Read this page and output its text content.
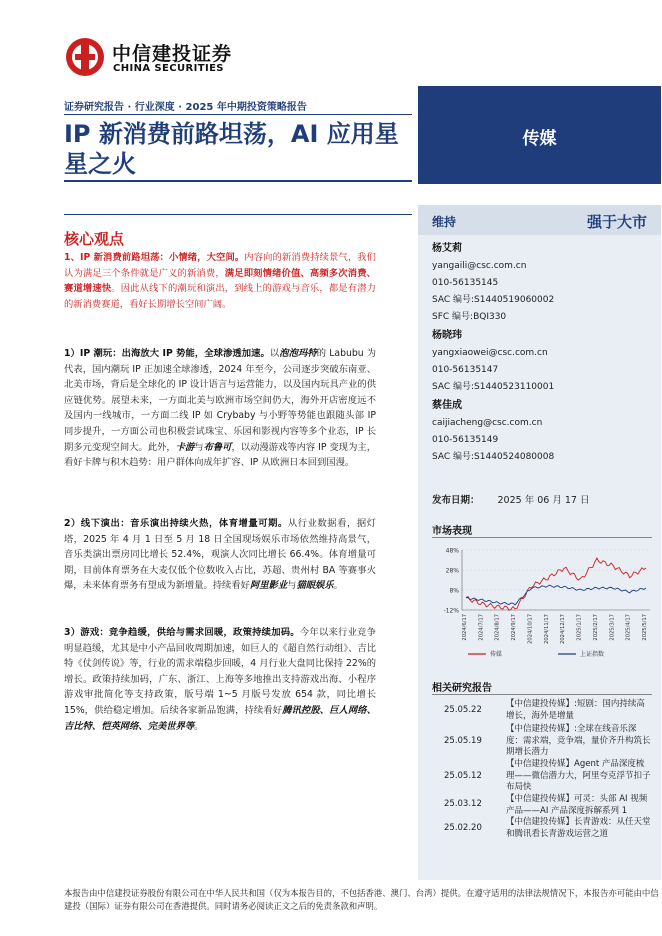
中信建投证券
CHINA SECURITIES
证券研究报告 · 行业深度 · 2025 年中期投资策略报告
IP 新消费前路坦荡，AI 应用星星之火
传媒
核心观点
1、IP 新消费前路坦荡：小情绪，大空间。内容向的新消费持续景气，我们认为满足三个条件就是广义的新消费，满足即刻情绪价值、高频多次消费、赛道增速快。因此从线下的潮玩和演出，到线上的游戏与音乐，都是有潜力的新消费赛道，看好长期增长空间广阔。
1）IP 潮玩：出海放大 IP 势能，全球渗透加速。以泡泡玛特的 Labubu 为代表，国内潮玩 IP 正加速全球渗透，2024 年至今，公司逐步突破东南亚、北美市场，背后是全球化的 IP 设计语言与运营能力，以及国内玩具产业的供应链优势。展望未来，一方面北美与欧洲市场空间仍大，海外开店密度远不及国内一线城市，一方面二线 IP 如 Crybaby 与小野等势能也跟随头部 IP 同步提升，一方面公司也积极尝试珠宝、乐园和影视内容等多个业态，IP 长期多元变现空间大。此外，卡游与布鲁可，以动漫游戏等内容 IP 变现为主，看好卡牌与积木趋势：用户群体向成年扩容、IP 从欧洲日本回到国漫。
2）线下演出：音乐演出持续火热，体育增量可期。从行业数据看，据灯塔，2025 年 4 月 1 日至 5 月 18 日全国现场娱乐市场依然维持高景气，音乐类演出票房同比增长 52.4%，观演人次同比增长 66.4%。体育增量可期，目前体育票务在大麦仅低个位数收入占比，苏超、贵州村 BA 等赛事火爆，未来体育票务有望成为新增量。持续看好阿里影业与猫眼娱乐。
3）游戏：竞争趋缓，供给与需求回暖，政策持续加码。今年以来行业竞争明显趋缓，尤其是中小产品回收周期加速，如巨人的《超自然行动组》、吉比特《仗剑传说》等，行业的需求端稳步回暖，4 月行业大盘同比保持 22%的增长。政策持续加码，广东、浙江、上海等多地推出支持游戏出海、小程序游戏审批简化等支持政策，版号端 1~5 月版号发放 654 款，同比增长 15%，供给稳定增加。后续各家新品饱满，持续看好腾讯控股、巨人网络、吉比特、恺英网络、完美世界等。
维持	强于大市
杨艾莉
yangaili@csc.com.cn
010-56135145
SAC 编号:S1440519060002
SFC 编号:BQI330
杨晓玮
yangxiaowei@csc.com.cn
010-56135147
SAC 编号:S1440523110001
蔡佳成
caijiacheng@csc.com.cn
010-56135149
SAC 编号:S1440524080008
发布日期： 2025 年 06 月 17 日
市场表现
48%
28%
8%
-12%
2024/6/17 2024/7/17 2024/8/17 2024/9/17 2024/10/17 2024/11/17 2024/12/17 2025/1/17 2025/2/17 2025/3/17 2025/4/17 2025/5/17
传媒	上证指数
相关研究报告
25.05.22
【中信建投传媒】:短剧：国内持续高增长，海外是增量
25.05.19
【中信建投传媒】:全球在线音乐深度：需求端，竞争端，量价齐升构筑长期增长潜力
25.05.12
【中信建投传媒】Agent 产品深度梳理——微信潜力大，阿里夸克浮节扣子布局快
25.03.12	【中信建投传媒】可灵：头部 AI 视频产品——AI 产品深度拆解系列 1
25.02.20
【中信建投传媒】长青游戏：从任天堂和腾讯看长青游戏运营之道
本报告由中信建投证券股份有限公司在中华人民共和国（仅为本报告目的，不包括香港、澳门、台湾）提供。在遵守适用的法律法规情况下，本报告亦可能由中信建投（国际）证券有限公司在香港提供。同时请务必阅读正文之后的免责条款和声明。
